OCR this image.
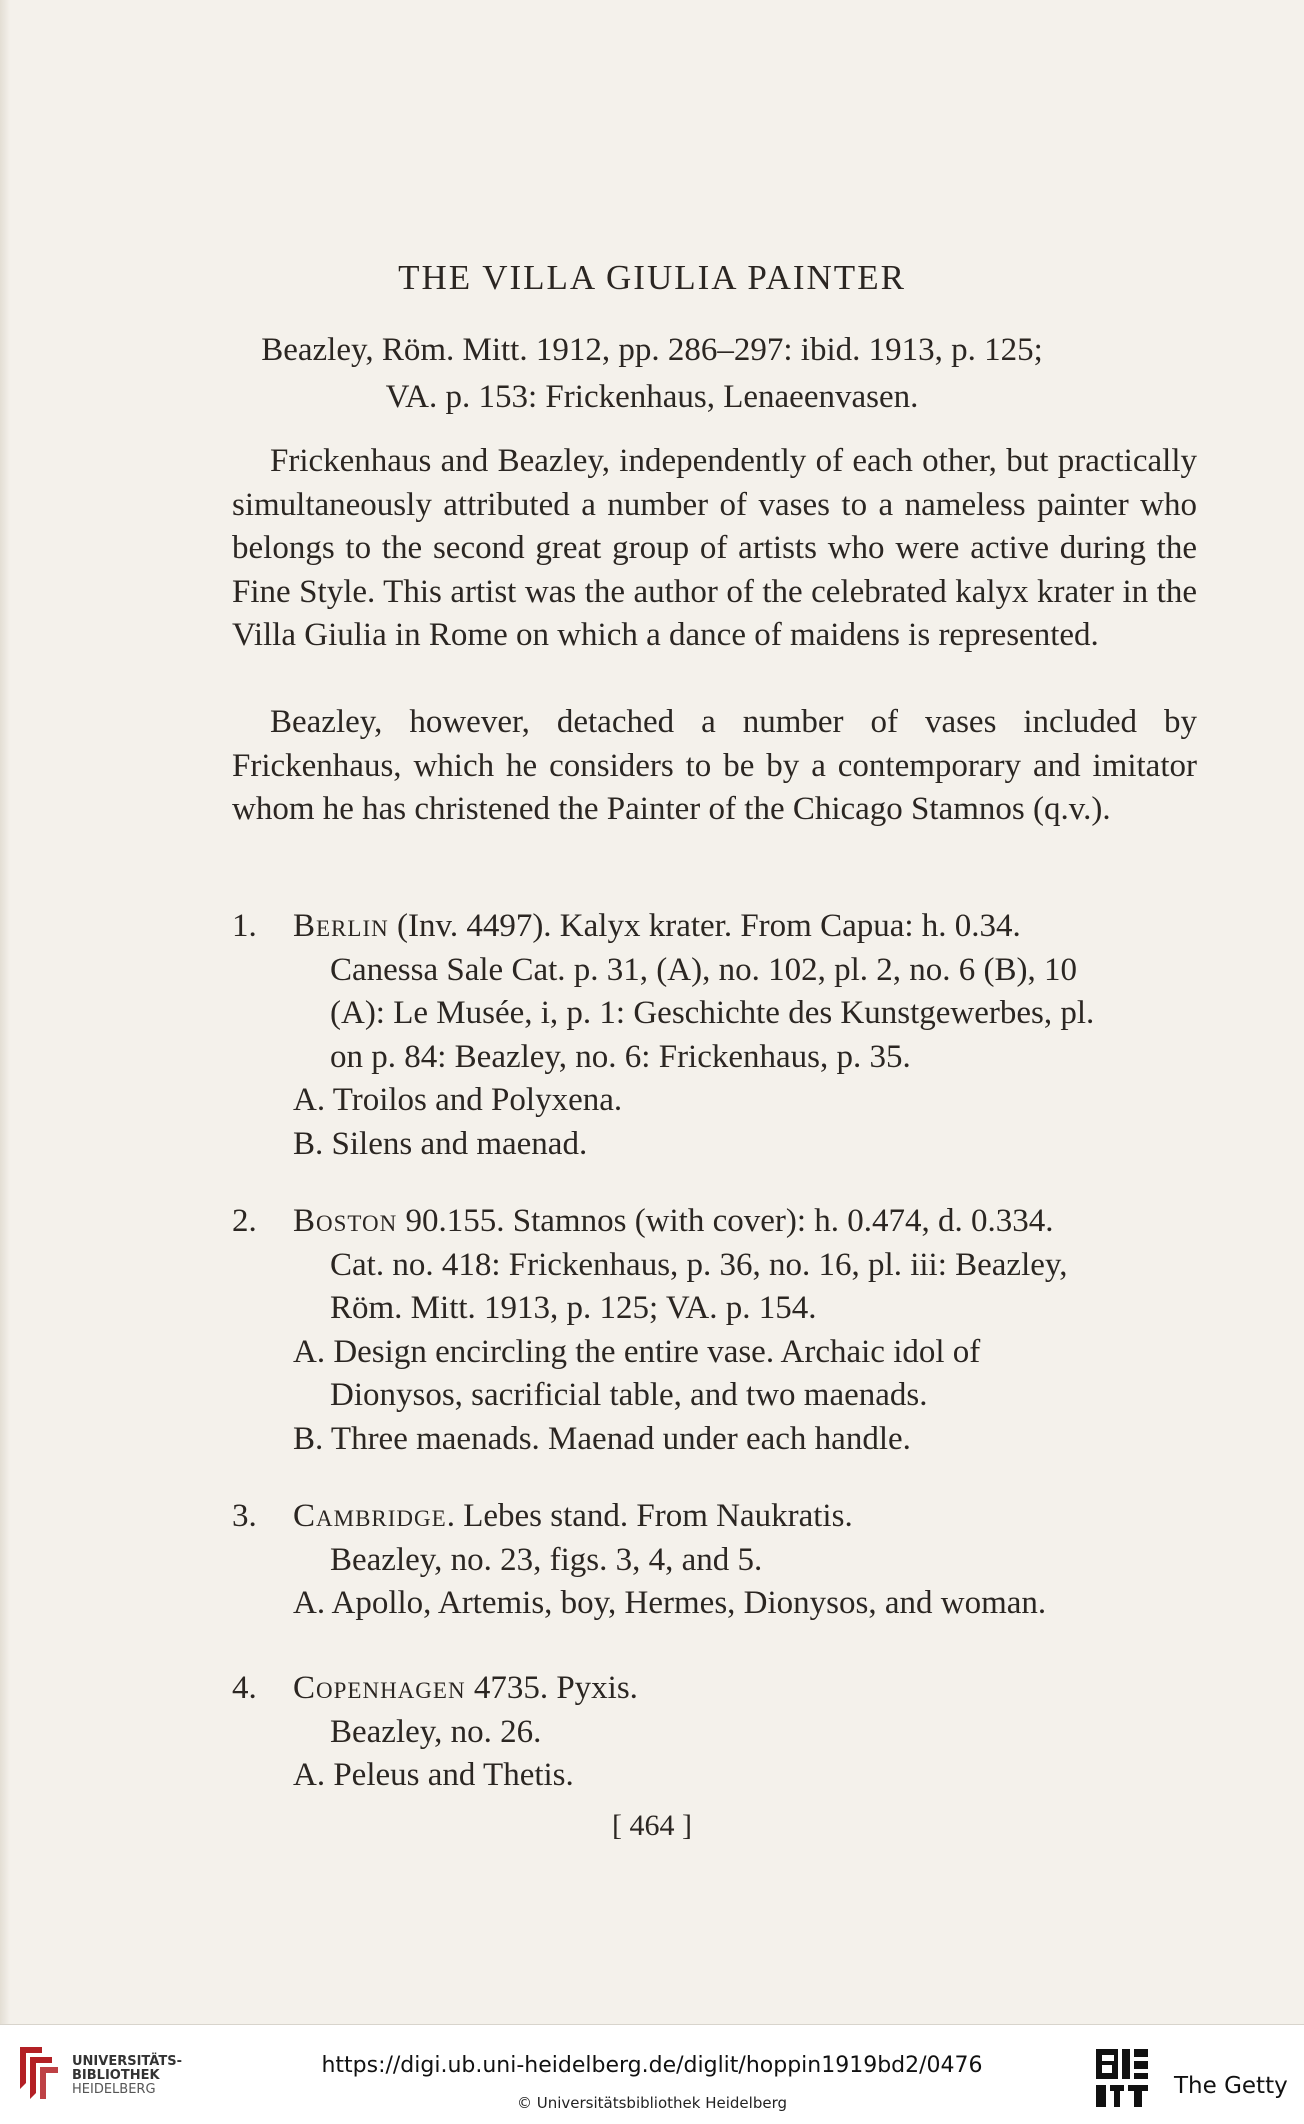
THE VILLA GIULIA PAINTER
Beazley, Röm. Mitt. 1912, pp. 286–297: ibid. 1913, p. 125;
VA. p. 153: Frickenhaus, Lenaeenvasen.

Frickenhaus and Beazley, independently of each other, but practically simultaneously attributed a number of vases to a nameless painter who belongs to the second great group of artists who were active during the Fine Style. This artist was the author of the celebrated kalyx krater in the Villa Giulia in Rome on which a dance of maidens is represented.

Beazley, however, detached a number of vases included by Frickenhaus, which he considers to be by a contemporary and imitator whom he has christened the Painter of the Chicago Stamnos (q.v.).

1. Berlin (Inv. 4497). Kalyx krater. From Capua: h. 0.34.
Canessa Sale Cat. p. 31, (A), no. 102, pl. 2, no. 6 (B), 10
(A): Le Musée, i, p. 1: Geschichte des Kunstgewerbes, pl.
on p. 84: Beazley, no. 6: Frickenhaus, p. 35.
A. Troilos and Polyxena.
B. Silens and maenad.
2. Boston 90.155. Stamnos (with cover): h. 0.474, d. 0.334.
Cat. no. 418: Frickenhaus, p. 36, no. 16, pl. iii: Beazley,
Röm. Mitt. 1913, p. 125; VA. p. 154.
A. Design encircling the entire vase. Archaic idol of
Dionysos, sacrificial table, and two maenads.
B. Three maenads. Maenad under each handle.
3. Cambridge. Lebes stand. From Naukratis.
Beazley, no. 23, figs. 3, 4, and 5.
A. Apollo, Artemis, boy, Hermes, Dionysos, and woman.
4. Copenhagen 4735. Pyxis.
Beazley, no. 26.
A. Peleus and Thetis.
[ 464 ]
UNIVERSITÄTS-
BIBLIOTHEK
HEIDELBERG
https://digi.ub.uni-heidelberg.de/diglit/hoppin1919bd2/0476
© Universitätsbibliothek Heidelberg
The Getty
